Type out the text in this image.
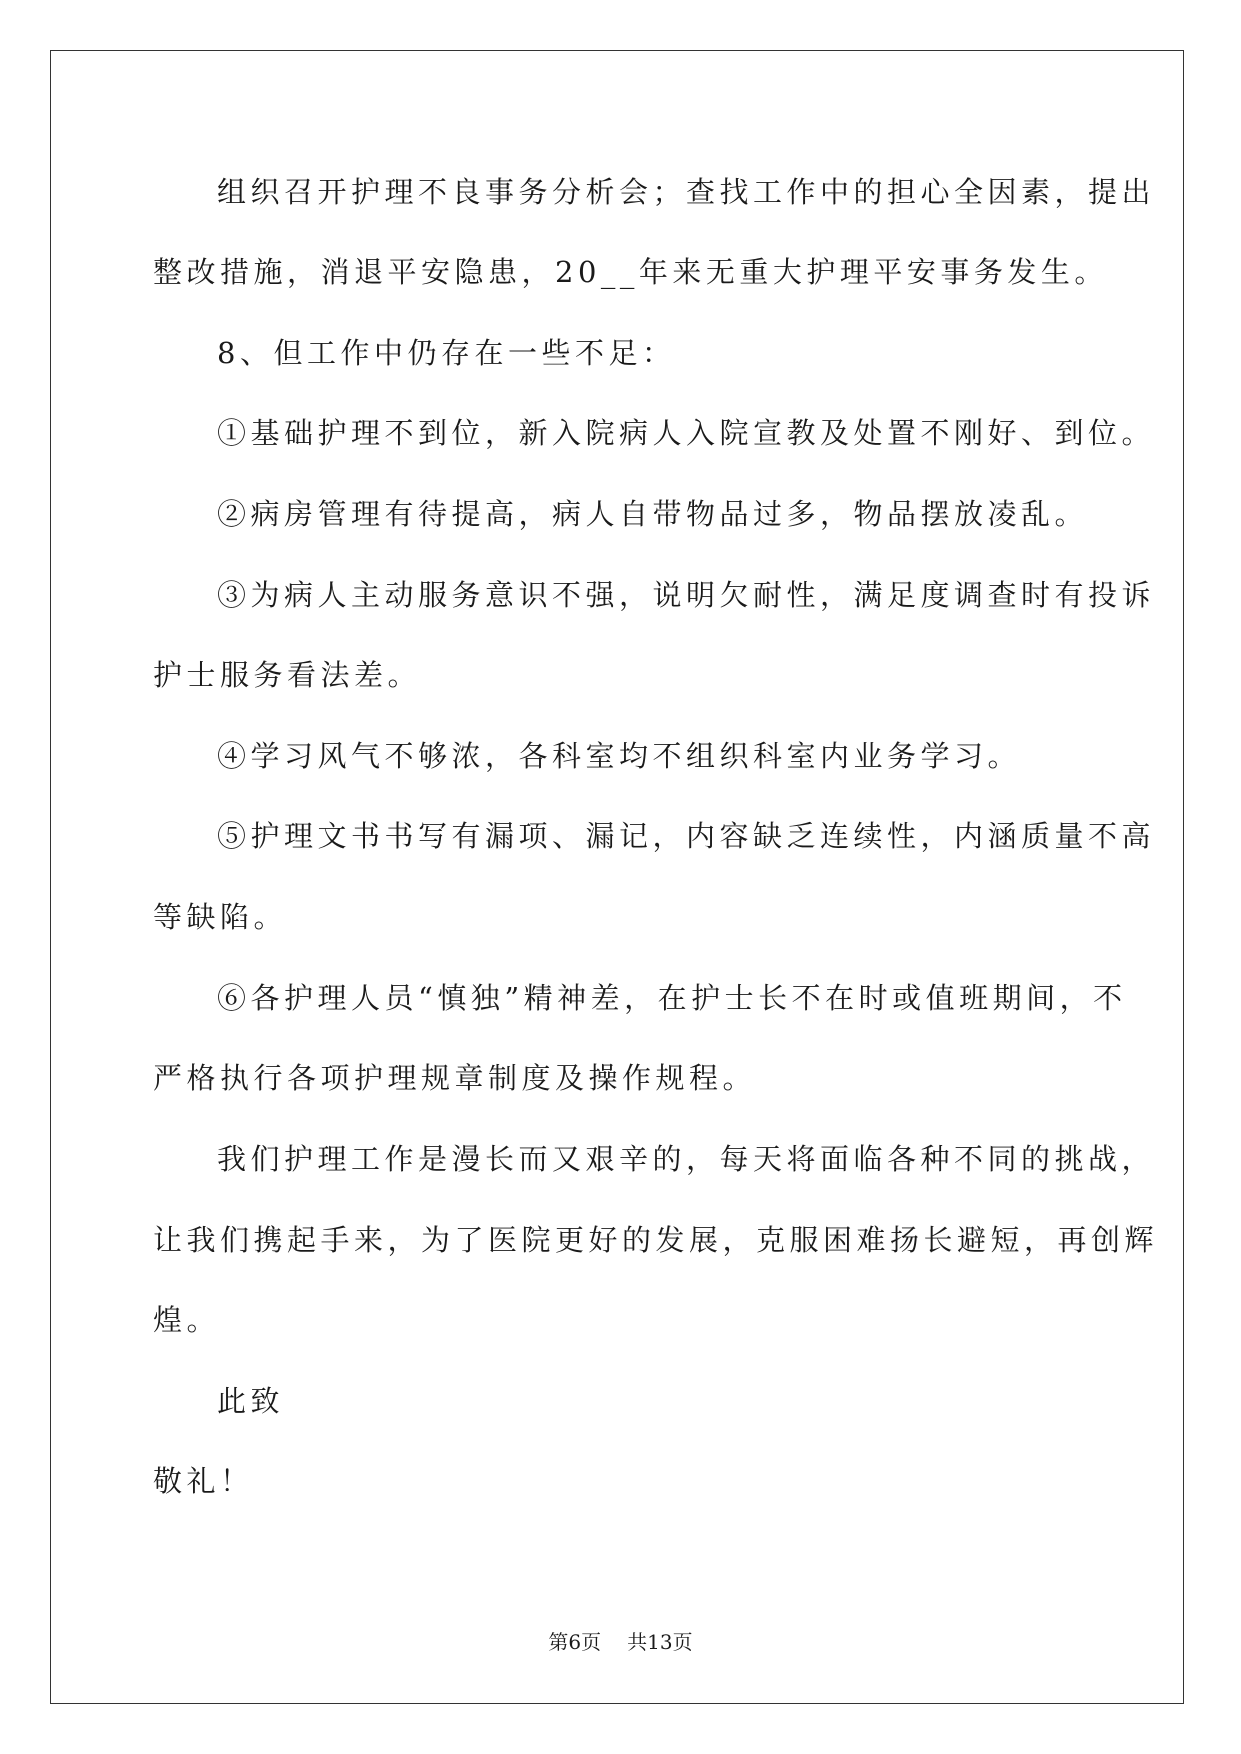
组织召开护理不良事务分析会；查找工作中的担心全因素，提出
整改措施，消退平安隐患，20__年来无重大护理平安事务发生。
8、但工作中仍存在一些不足：
①基础护理不到位，新入院病人入院宣教及处置不刚好、到位。
②病房管理有待提高，病人自带物品过多，物品摆放凌乱。
③为病人主动服务意识不强，说明欠耐性，满足度调查时有投诉
护士服务看法差。
④学习风气不够浓，各科室均不组织科室内业务学习。
⑤护理文书书写有漏项、漏记，内容缺乏连续性，内涵质量不高
等缺陷。
⑥各护理人员“慎独”精神差，在护士长不在时或值班期间，不
严格执行各项护理规章制度及操作规程。
我们护理工作是漫长而又艰辛的，每天将面临各种不同的挑战，
让我们携起手来，为了医院更好的发展，克服困难扬长避短，再创辉
煌。
此致
敬礼！
第6页 共13页
